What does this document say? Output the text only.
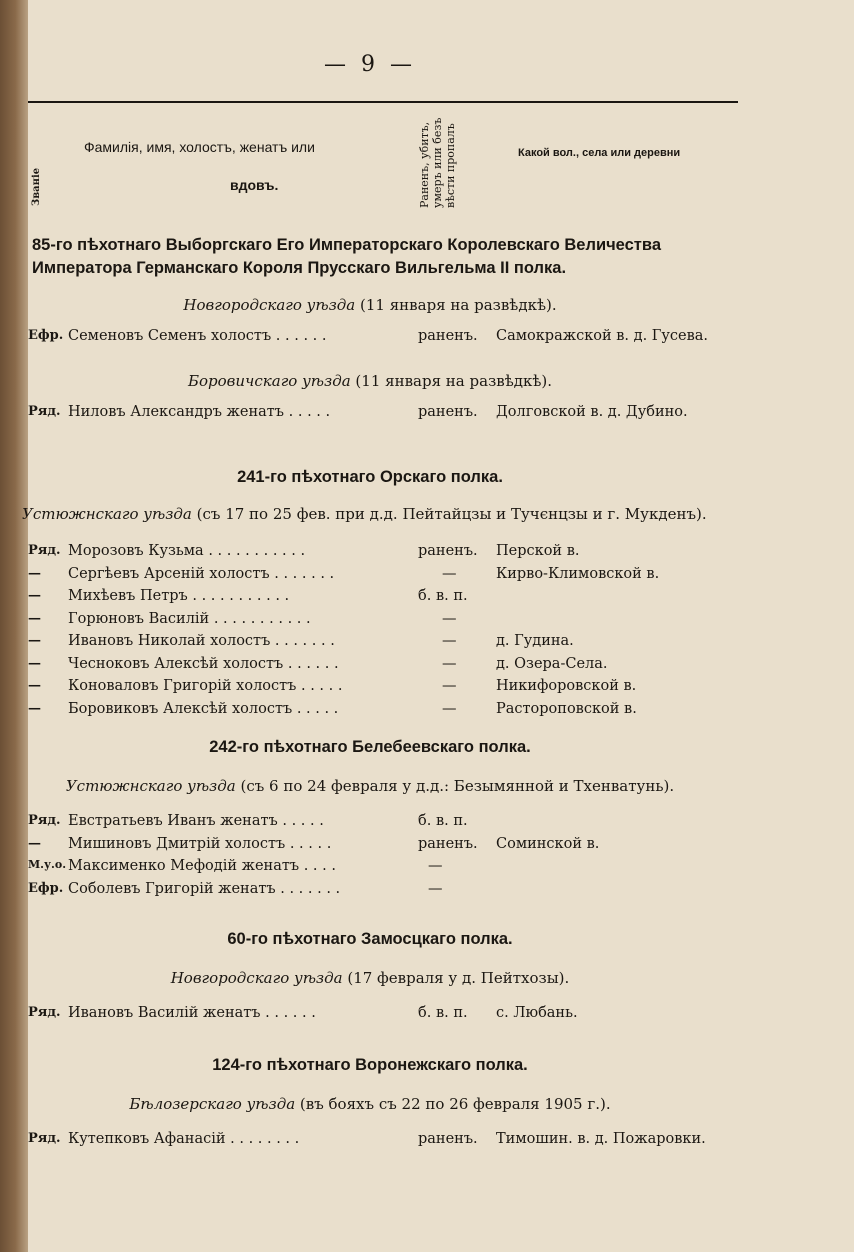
— 9 —
Званіе
Фамилія, имя, холостъ, женатъ или
вдовъ.	Раненъ, убитъ, умеръ или безъ вѣсти пропалъ	Какой вол., села или деревни
85-го пѣхотнаго Выборгскаго Его Императорскаго Королевскаго Величества Императора Германскаго Короля Прусскаго Вильгельма II полка.
Новгородскаго уѣзда (11 января на развѣдкѣ).
Ефр. Семеновъ Семенъ холостъ . . . . . .	раненъ.	Самокражской в. д. Гусева.
Боровичскаго уѣзда (11 января на развѣдкѣ).
Ряд. Ниловъ Александръ женатъ . . . . .	раненъ.	Долговской в. д. Дубино.
241-го пѣхотнаго Орскаго полка.
Устюжнскаго уѣзда (съ 17 по 25 фев. при д.д. Пейтайцзы и Тучєнцзы и г. Мукденъ).
Ряд. Морозовъ Кузьма . . . . . . . . . . .	раненъ.	Перской в.
—	Сергѣевъ Арсеній холостъ . . . . . . .	—	Кирво-Климовской в.
—	Михѣевъ Петръ . . . . . . . . . . .	б. в. п.
—	Горюновъ Василій . . . . . . . . . . .	—
—	Ивановъ Николай холостъ . . . . . . .	—	д. Гудина.
—	Чесноковъ Алексѣй холостъ . . . . . .	—	д. Озера-Села.
—	Коноваловъ Григорій холостъ . . . . .	—	Никифоровской в.
—	Боровиковъ Алексѣй холостъ . . . . .	—	Растороповской в.
242-го пѣхотнаго Белебеевскаго полка.
Устюжнскаго уѣзда (съ 6 по 24 февраля у д.д.: Безымянной и Тхенватунь).
Ряд. Евстратьевъ Иванъ женатъ . . . . .	б. в. п.
—	Мишиновъ Дмитрій холостъ . . . . .	раненъ.	Соминской в.
М.у.о. Максименко Мефодій женатъ . . . .	—
Ефр. Соболевъ Григорій женатъ . . . . . . .	—
60-го пѣхотнаго Замосцкаго полка.
Новгородскаго уѣзда (17 февраля у д. Пейтхозы).
Ряд. Ивановъ Василій женатъ . . . . . .	б. в. п.	с. Любань.
124-го пѣхотнаго Воронежскаго полка.
Бѣлозерскаго уѣзда (въ бояхъ съ 22 по 26 февраля 1905 г.).
Ряд. Кутепковъ Афанасій . . . . . . . .	раненъ.	Тимошин. в. д. Пожаровки.
